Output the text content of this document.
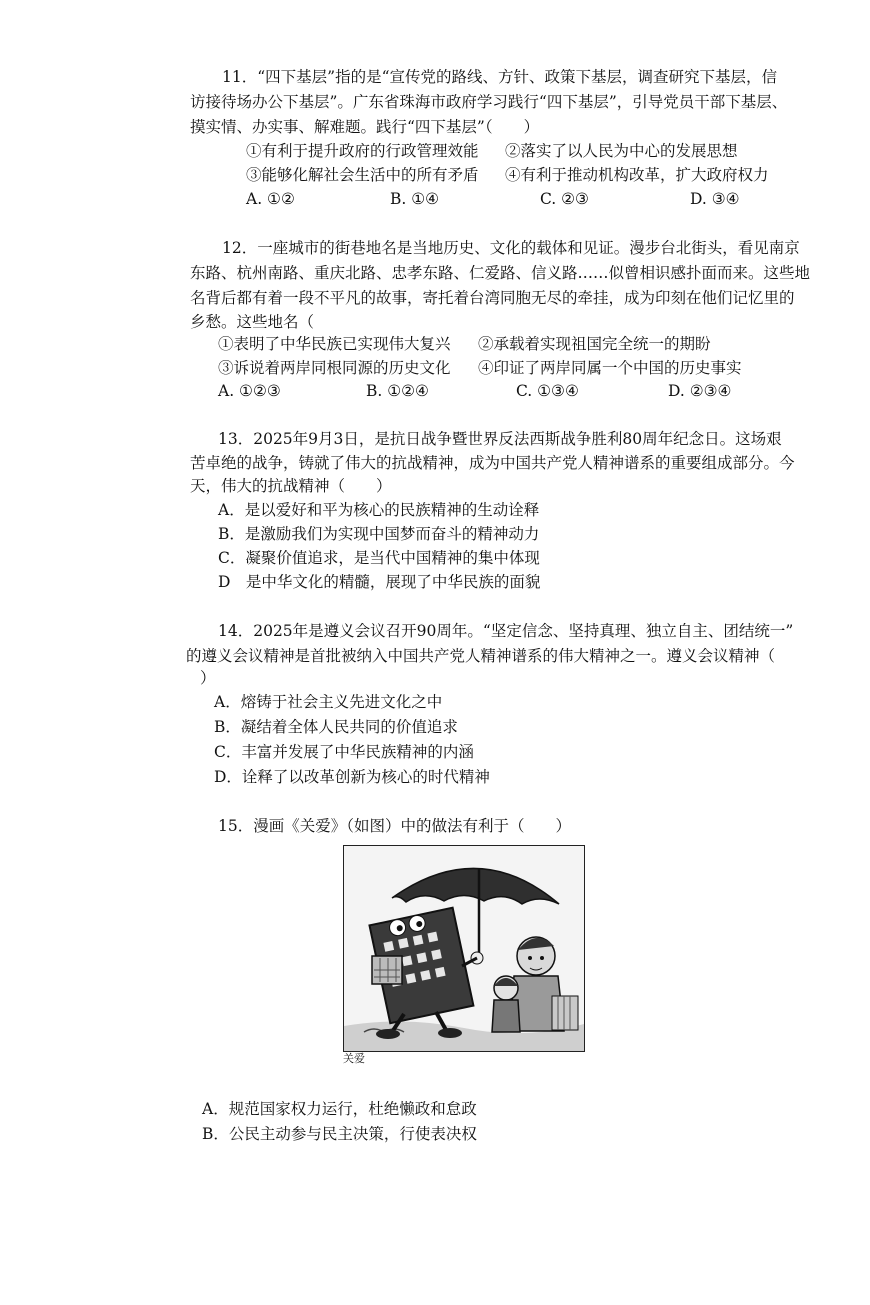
11．“四下基层”指的是“宣传党的路线、方针、政策下基层，调查研究下基层，信
访接待场办公下基层”。广东省珠海市政府学习践行“四下基层”，引导党员干部下基层、
摸实情、办实事、解难题。践行“四下基层”（　　）
①有利于提升政府的行政管理效能 ②落实了以人民为中心的发展思想
③能够化解社会生活中的所有矛盾 ④有利于推动机构改革，扩大政府权力
A. ①②	B. ①④	C. ②③	D. ③④
12．一座城市的街巷地名是当地历史、文化的载体和见证。漫步台北街头，看见南京
东路、杭州南路、重庆北路、忠孝东路、仁爱路、信义路……似曾相识感扑面而来。这些地
名背后都有着一段不平凡的故事，寄托着台湾同胞无尽的牵挂，成为印刻在他们记忆里的
乡愁。这些地名（
①表明了中华民族已实现伟大复兴 ②承载着实现祖国完全统一的期盼
③诉说着两岸同根同源的历史文化 ④印证了两岸同属一个中国的历史事实
A. ①②③	B. ①②④	C. ①③④	D. ②③④
13．2025年9月3日，是抗日战争暨世界反法西斯战争胜利80周年纪念日。这场艰
苦卓绝的战争，铸就了伟大的抗战精神，成为中国共产党人精神谱系的重要组成部分。今
天，伟大的抗战精神（　　）
A．是以爱好和平为核心的民族精神的生动诠释
B．是激励我们为实现中国梦而奋斗的精神动力
C．凝聚价值追求，是当代中国精神的集中体现
D　是中华文化的精髓，展现了中华民族的面貌
14．2025年是遵义会议召开90周年。“坚定信念、坚持真理、独立自主、团结统一”
的遵义会议精神是首批被纳入中国共产党人精神谱系的伟大精神之一。遵义会议精神（
）
A．熔铸于社会主义先进文化之中
B．凝结着全体人民共同的价值追求
C．丰富并发展了中华民族精神的内涵
D．诠释了以改革创新为核心的时代精神
15．漫画《关爱》（如图）中的做法有利于（　　）
关爱
A．规范国家权力运行，杜绝懒政和怠政
B．公民主动参与民主决策，行使表决权
